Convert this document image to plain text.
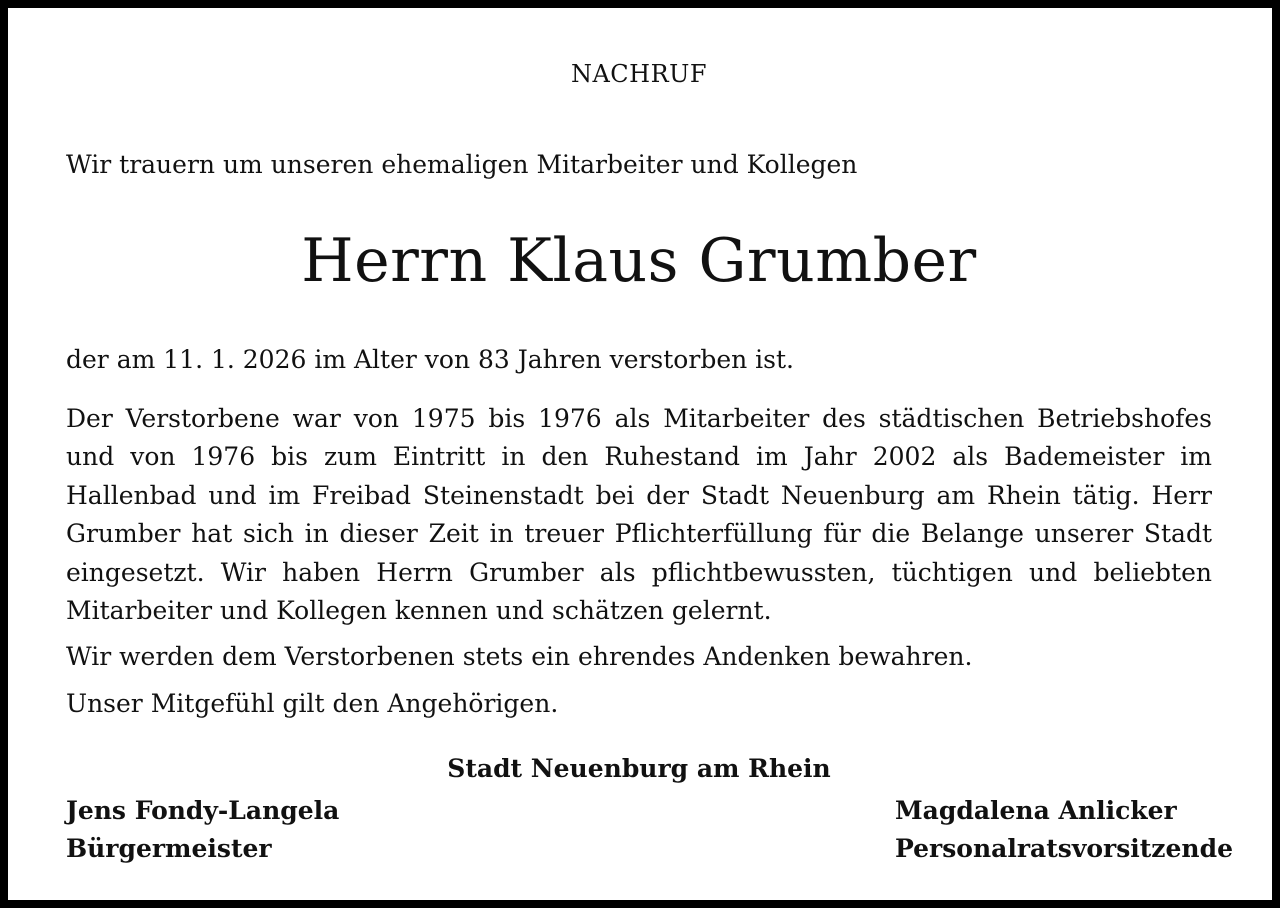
NACHRUF
Wir trauern um unseren ehemaligen Mitarbeiter und Kollegen
Herrn Klaus Grumber
der am 11. 1. 2026 im Alter von 83 Jahren verstorben ist.

Der Verstorbene war von 1975 bis 1976 als Mitarbeiter des städtischen Betriebshofes und von 1976 bis zum Eintritt in den Ruhestand im Jahr 2002 als Bademeister im Hallenbad und im Freibad Steinenstadt bei der Stadt Neuenburg am Rhein tätig. Herr Grumber hat sich in dieser Zeit in treuer Pflichterfüllung für die Belange unserer Stadt eingesetzt. Wir haben Herrn Grumber als pflichtbewussten, tüchtigen und beliebten Mitarbeiter und Kollegen kennen und schätzen gelernt.

Wir werden dem Verstorbenen stets ein ehrendes Andenken bewahren.
Unser Mitgefühl gilt den Angehörigen.
Stadt Neuenburg am Rhein
Jens Fondy-Langela
Bürgermeister
Magdalena Anlicker
Personalratsvorsitzende
